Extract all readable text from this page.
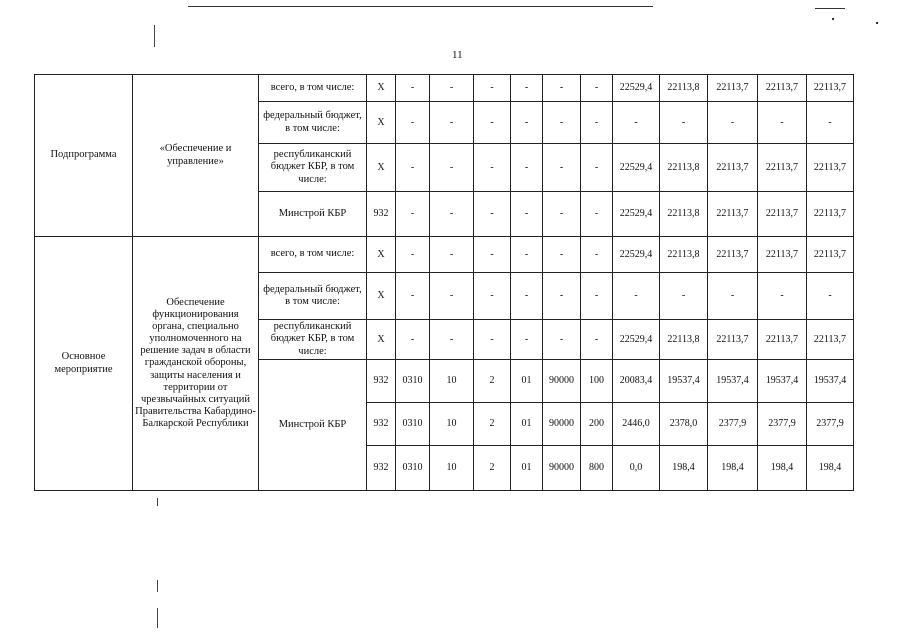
11
Подпрограмма	«Обеспечение и управление»	всего, в том числе:	Х	-	-	-	-	-	-	22529,4	22113,8	22113,7	22113,7	22113,7
		федеральный бюджет, в том числе:	Х	-	-	-	-	-	-	-	-	-	-	-
		республиканский бюджет КБР, в том числе:	Х	-	-	-	-	-	-	22529,4	22113,8	22113,7	22113,7	22113,7
		Минстрой КБР	932	-	-	-	-	-	-	22529,4	22113,8	22113,7	22113,7	22113,7
Основное мероприятие	Обеспечение функционирования органа, специально уполномоченного на решение задач в области гражданской обороны, защиты населения и территории от чрезвычайных ситуаций Правительства Кабардино-Балкарской Республики	всего, в том числе:	Х	-	-	-	-	-	-	22529,4	22113,8	22113,7	22113,7	22113,7
		федеральный бюджет, в том числе:	Х	-	-	-	-	-	-	-	-	-	-	-
		республиканский бюджет КБР, в том числе:	Х	-	-	-	-	-	-	22529,4	22113,8	22113,7	22113,7	22113,7
		Минстрой КБР	932	0310	10	2	01	90000	100	20083,4	19537,4	19537,4	19537,4	19537,4
			932	0310	10	2	01	90000	200	2446,0	2378,0	2377,9	2377,9	2377,9
			932	0310	10	2	01	90000	800	0,0	198,4	198,4	198,4	198,4
